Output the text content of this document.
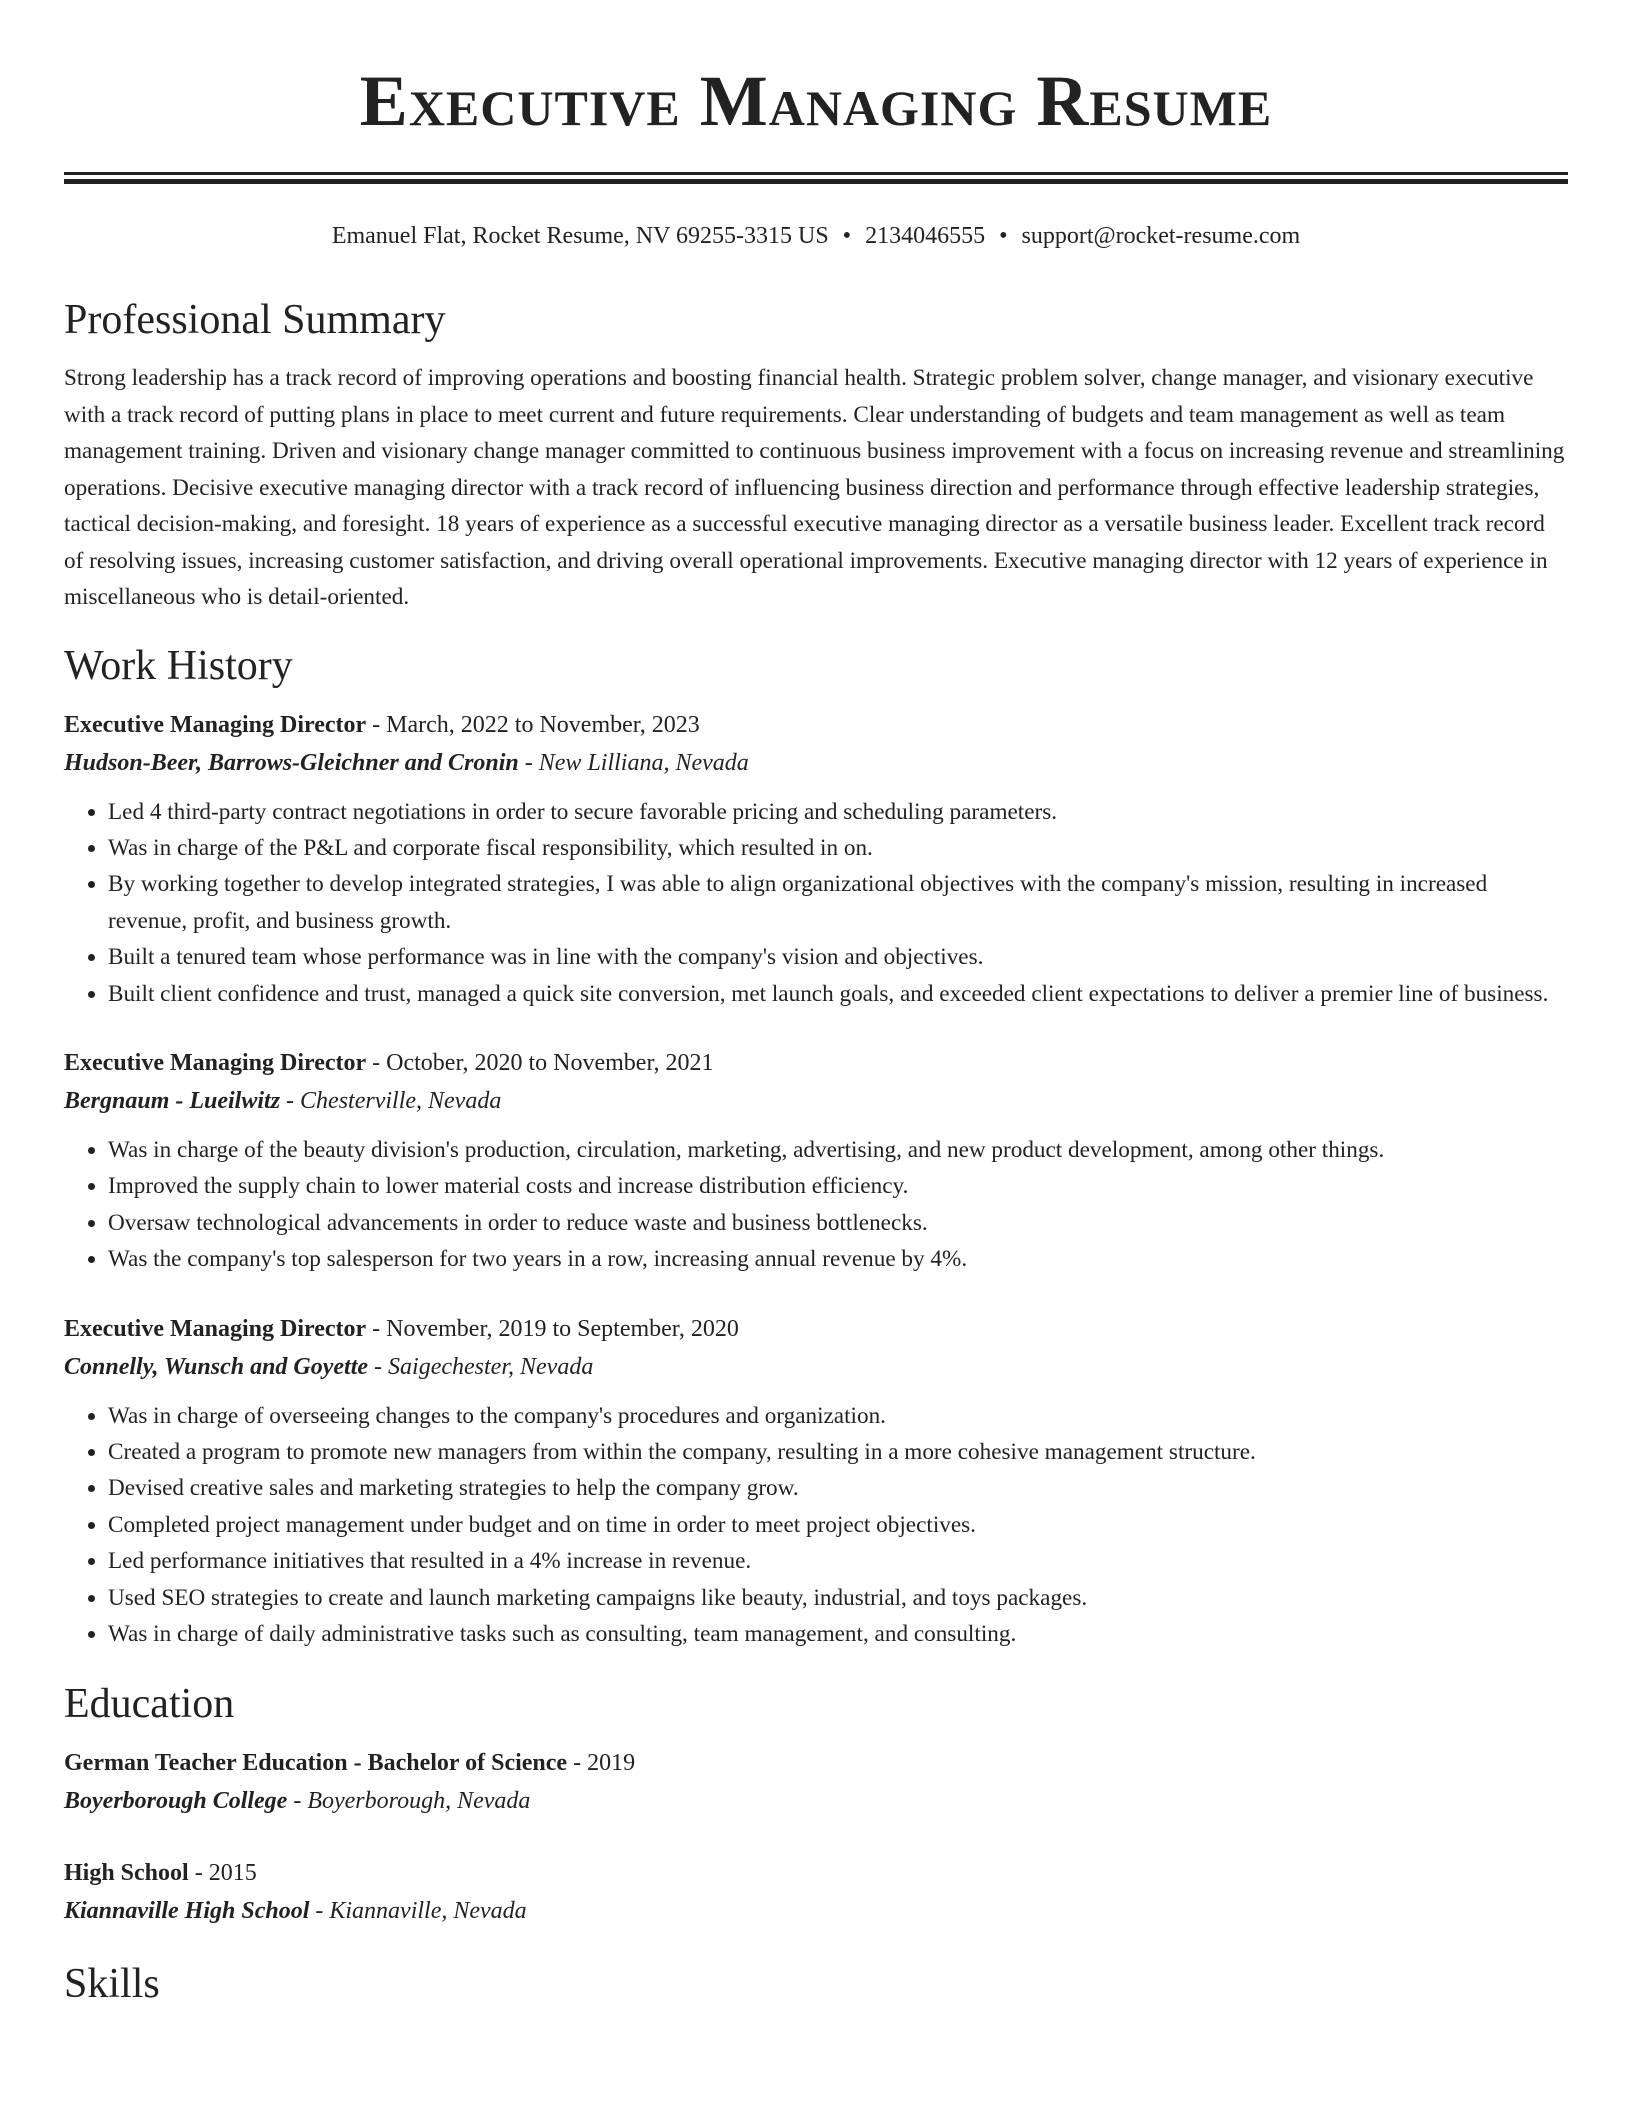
Executive Managing Resume
Emanuel Flat, Rocket Resume, NV 69255-3315 US • 2134046555 • support@rocket-resume.com
Professional Summary
Strong leadership has a track record of improving operations and boosting financial health. Strategic problem solver, change manager, and visionary executive with a track record of putting plans in place to meet current and future requirements. Clear understanding of budgets and team management as well as team management training. Driven and visionary change manager committed to continuous business improvement with a focus on increasing revenue and streamlining operations. Decisive executive managing director with a track record of influencing business direction and performance through effective leadership strategies, tactical decision-making, and foresight. 18 years of experience as a successful executive managing director as a versatile business leader. Excellent track record of resolving issues, increasing customer satisfaction, and driving overall operational improvements. Executive managing director with 12 years of experience in miscellaneous who is detail-oriented.
Work History
Executive Managing Director - March, 2022 to November, 2023
Hudson-Beer, Barrows-Gleichner and Cronin - New Lilliana, Nevada
• Led 4 third-party contract negotiations in order to secure favorable pricing and scheduling parameters.
• Was in charge of the P&L and corporate fiscal responsibility, which resulted in on.
• By working together to develop integrated strategies, I was able to align organizational objectives with the company's mission, resulting in increased revenue, profit, and business growth.
• Built a tenured team whose performance was in line with the company's vision and objectives.
• Built client confidence and trust, managed a quick site conversion, met launch goals, and exceeded client expectations to deliver a premier line of business.
Executive Managing Director - October, 2020 to November, 2021
Bergnaum - Lueilwitz - Chesterville, Nevada
• Was in charge of the beauty division's production, circulation, marketing, advertising, and new product development, among other things.
• Improved the supply chain to lower material costs and increase distribution efficiency.
• Oversaw technological advancements in order to reduce waste and business bottlenecks.
• Was the company's top salesperson for two years in a row, increasing annual revenue by 4%.
Executive Managing Director - November, 2019 to September, 2020
Connelly, Wunsch and Goyette - Saigechester, Nevada
• Was in charge of overseeing changes to the company's procedures and organization.
• Created a program to promote new managers from within the company, resulting in a more cohesive management structure.
• Devised creative sales and marketing strategies to help the company grow.
• Completed project management under budget and on time in order to meet project objectives.
• Led performance initiatives that resulted in a 4% increase in revenue.
• Used SEO strategies to create and launch marketing campaigns like beauty, industrial, and toys packages.
• Was in charge of daily administrative tasks such as consulting, team management, and consulting.
Education
German Teacher Education - Bachelor of Science - 2019
Boyerborough College - Boyerborough, Nevada
High School - 2015
Kiannaville High School - Kiannaville, Nevada
Skills
